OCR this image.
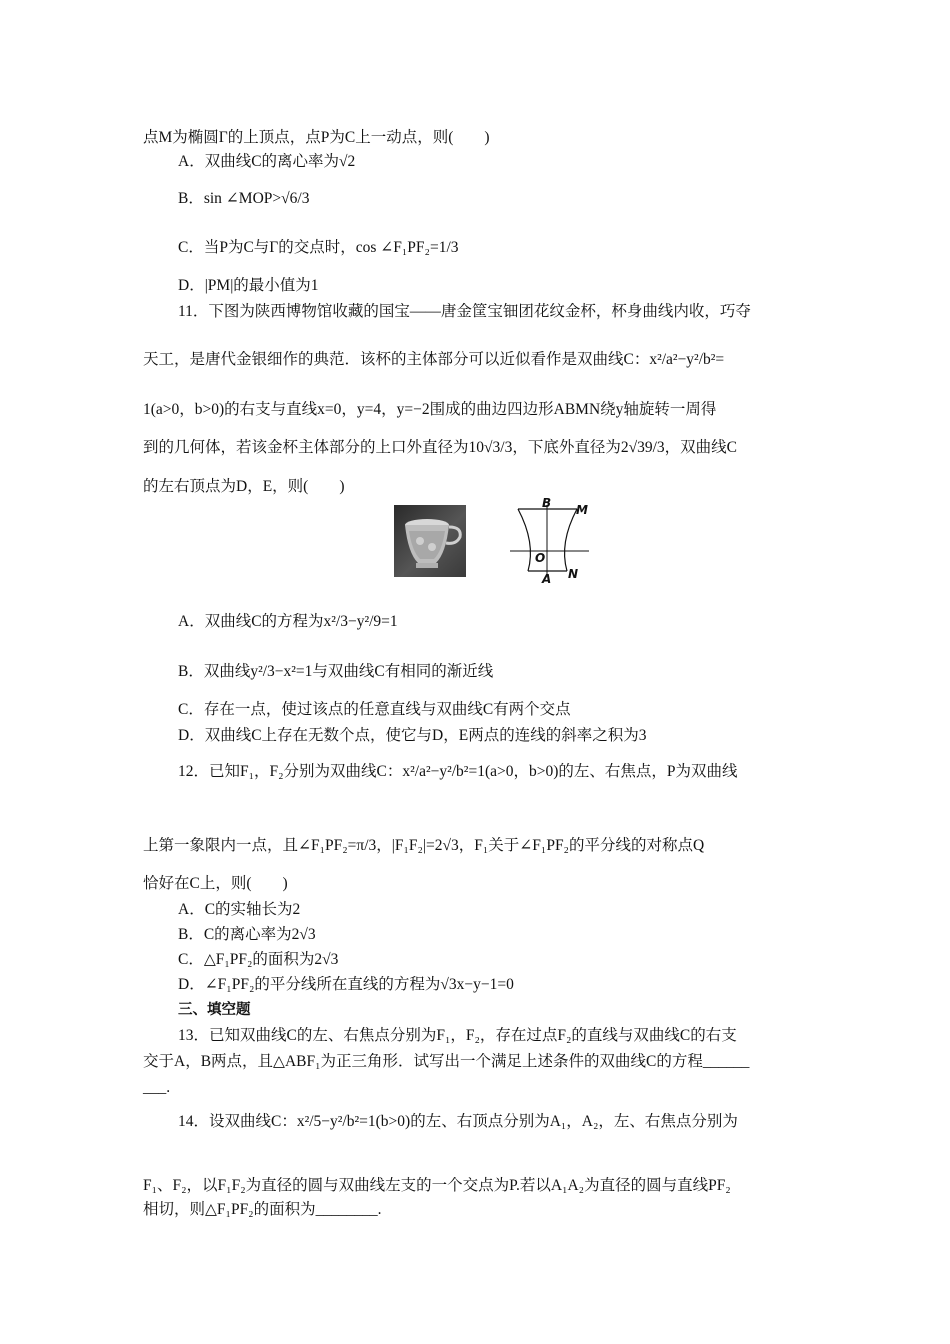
点M为椭圆Γ的上顶点，点P为C上一动点，则(　　)
A．双曲线C的离心率为√2
B．sin ∠MOP>√6/3
C．当P为C与Γ的交点时，cos ∠F₁PF₂=1/3
D．|PM|的最小值为1
11．下图为陕西博物馆收藏的国宝——唐金筐宝钿团花纹金杯，杯身曲线内收，巧夺
天工，是唐代金银细作的典范．该杯的主体部分可以近似看作是双曲线C：x²/a²−y²/b²=
1(a>0，b>0)的右支与直线x=0，y=4，y=−2围成的曲边四边形ABMN绕y轴旋转一周得
到的几何体，若该金杯主体部分的上口外直径为10√3/3，下底外直径为2√39/3，双曲线C
的左右顶点为D，E，则(　　)
B M
O
A N
A．双曲线C的方程为x²/3−y²/9=1
B．双曲线y²/3−x²=1与双曲线C有相同的渐近线
C．存在一点，使过该点的任意直线与双曲线C有两个交点
D．双曲线C上存在无数个点，使它与D，E两点的连线的斜率之积为3
12．已知F₁，F₂分别为双曲线C：x²/a²−y²/b²=1(a>0，b>0)的左、右焦点，P为双曲线
上第一象限内一点，且∠F₁PF₂=π/3，|F₁F₂|=2√3，F₁关于∠F₁PF₂的平分线的对称点Q
恰好在C上，则(　　)
A．C的实轴长为2
B．C的离心率为2√3
C．△F₁PF₂的面积为2√3
D．∠F₁PF₂的平分线所在直线的方程为√3x−y−1=0
三、填空题
13．已知双曲线C的左、右焦点分别为F₁，F₂，存在过点F₂的直线与双曲线C的右支
交于A，B两点，且△ABF₁为正三角形．试写出一个满足上述条件的双曲线C的方程______
___.
14．设双曲线C：x²/5−y²/b²=1(b>0)的左、右顶点分别为A₁，A₂，左、右焦点分别为
F₁、F₂，以F₁F₂为直径的圆与双曲线左支的一个交点为P.若以A₁A₂为直径的圆与直线PF₂
相切，则△F₁PF₂的面积为________.
